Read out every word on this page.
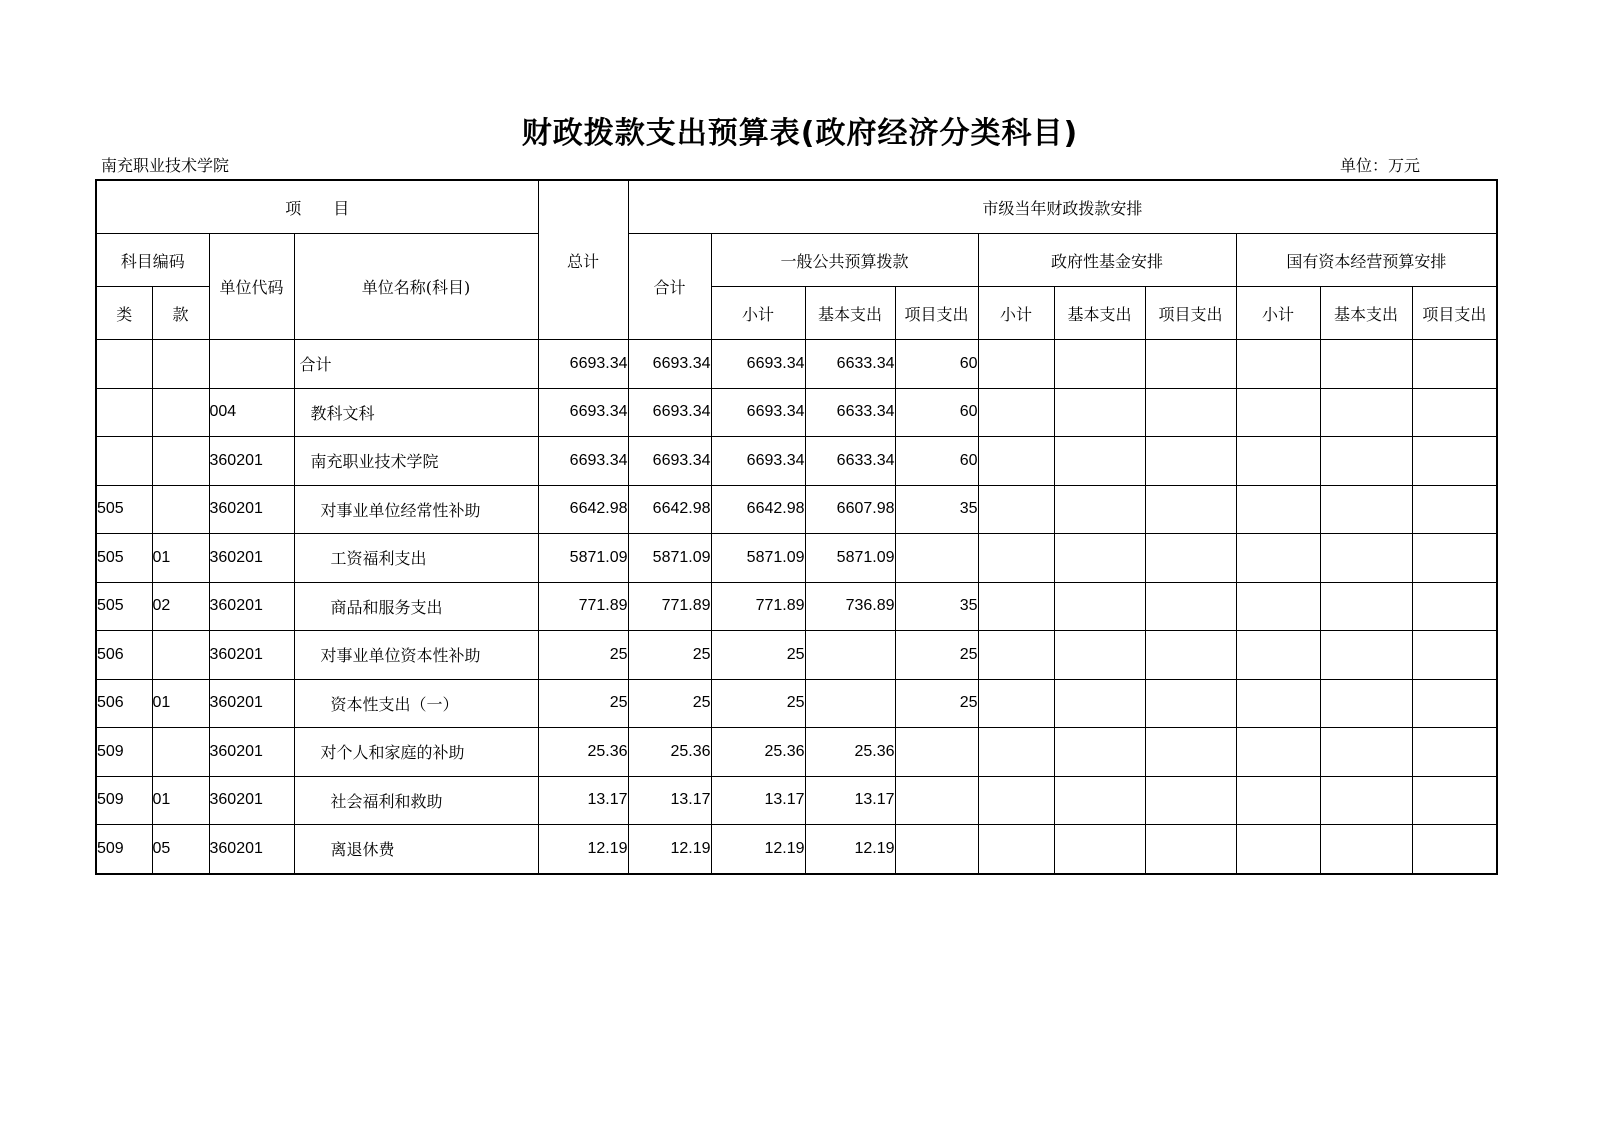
财政拨款支出预算表(政府经济分类科目)
南充职业技术学院	单位：万元
项　　目				总计	市级当年财政拨款安排									
科目编码		单位代码	单位名称(科目)		合计	一般公共预算拨款			政府性基金安排			国有资本经营预算安排		
类	款					小计	基本支出	项目支出	小计	基本支出	项目支出	小计	基本支出	项目支出
			合计	6693.34	6693.34	6693.34	6633.34	60						
		004	教科文科	6693.34	6693.34	6693.34	6633.34	60						
		360201	南充职业技术学院	6693.34	6693.34	6693.34	6633.34	60						
505		360201	对事业单位经常性补助	6642.98	6642.98	6642.98	6607.98	35						
505	01	360201	工资福利支出	5871.09	5871.09	5871.09	5871.09							
505	02	360201	商品和服务支出	771.89	771.89	771.89	736.89	35						
506		360201	对事业单位资本性补助	25	25	25		25						
506	01	360201	资本性支出（一）	25	25	25		25						
509		360201	对个人和家庭的补助	25.36	25.36	25.36	25.36							
509	01	360201	社会福利和救助	13.17	13.17	13.17	13.17							
509	05	360201	离退休费	12.19	12.19	12.19	12.19							
